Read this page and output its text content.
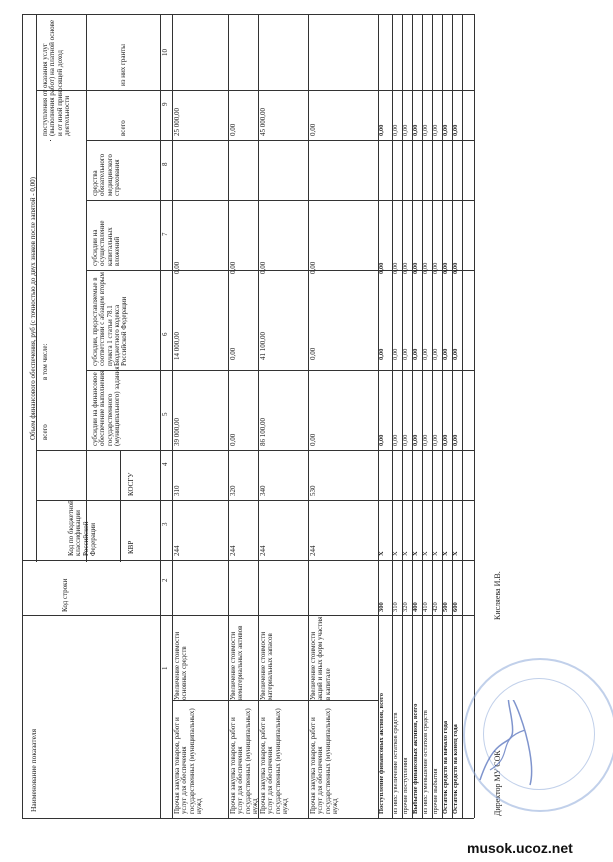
Наименование показателя
Код строки
Код по бюджетной классификации Российской Федерации	КВР
КОСГУ
Объем финансового обеспечения, руб (с точностью до двух знаков после запятой - 0,00) всего
в том числе:
субсидии на финансовое обеспечение выполнения государственного (муниципального) задания
субсидии, предоставляемые в соответствии с абзацем вторым пункта 1 статьи 78.1 Бюджетного кодекса Российской Федерации
субсидии на осуществление капитальных вложений
средства обязательного медицинского страхования
поступления от оказания услуг (выполнения работ) на платной основе и от иной приносящей доход деятельности	всего
из них гранты
1
2
3
4
5
6
7
8
9
10
Прочая закупка товаров, работ и услуг для обеспечения государственных (муниципальных) нужд
Увеличение стоимости основных средств
244
310
39 000,00
14 000,00
0,00
25 000,00
Прочая закупка товаров, работ и услуг для обеспечения государственных (муниципальных) нужд
Увеличение стоимости нематериальных активов
244
320
0,00
0,00
0,00
0,00
Прочая закупка товаров, работ и услуг для обеспечения государственных (муниципальных) нужд
Увеличение стоимости материальных запасов
244
340
86 100,00
41 100,00
0,00
45 000,00
Прочая закупка товаров, работ и услуг для обеспечения государственных (муниципальных) нужд
Увеличение стоимости акций и иных форм участия в капитале
244
530
0,00
0,00
0,00
0,00
Поступление финансовых активов, всего
300
X
0,00
0,00
0,00
0,00
из них: увеличение остатков средств
310
X
0,00
0,00
0,00
0,00
прочие поступления
320
X
0,00
0,00
0,00
0,00
Выбытие финансовых активов, всего
400
X
0,00
0,00
0,00
0,00
из них: уменьшение остатков средств
410
X
0,00
0,00
0,00
0,00
прочие выбытия
420
X
0,00
0,00
0,00
0,00
Остаток средств на начало года
500
X
0,00
0,00
0,00
0,00
Остаток средств на конец года
600
X
0,00
0,00
0,00
0,00
Директор МУ СОК
Кисляева И.В.
musok.ucoz.net
